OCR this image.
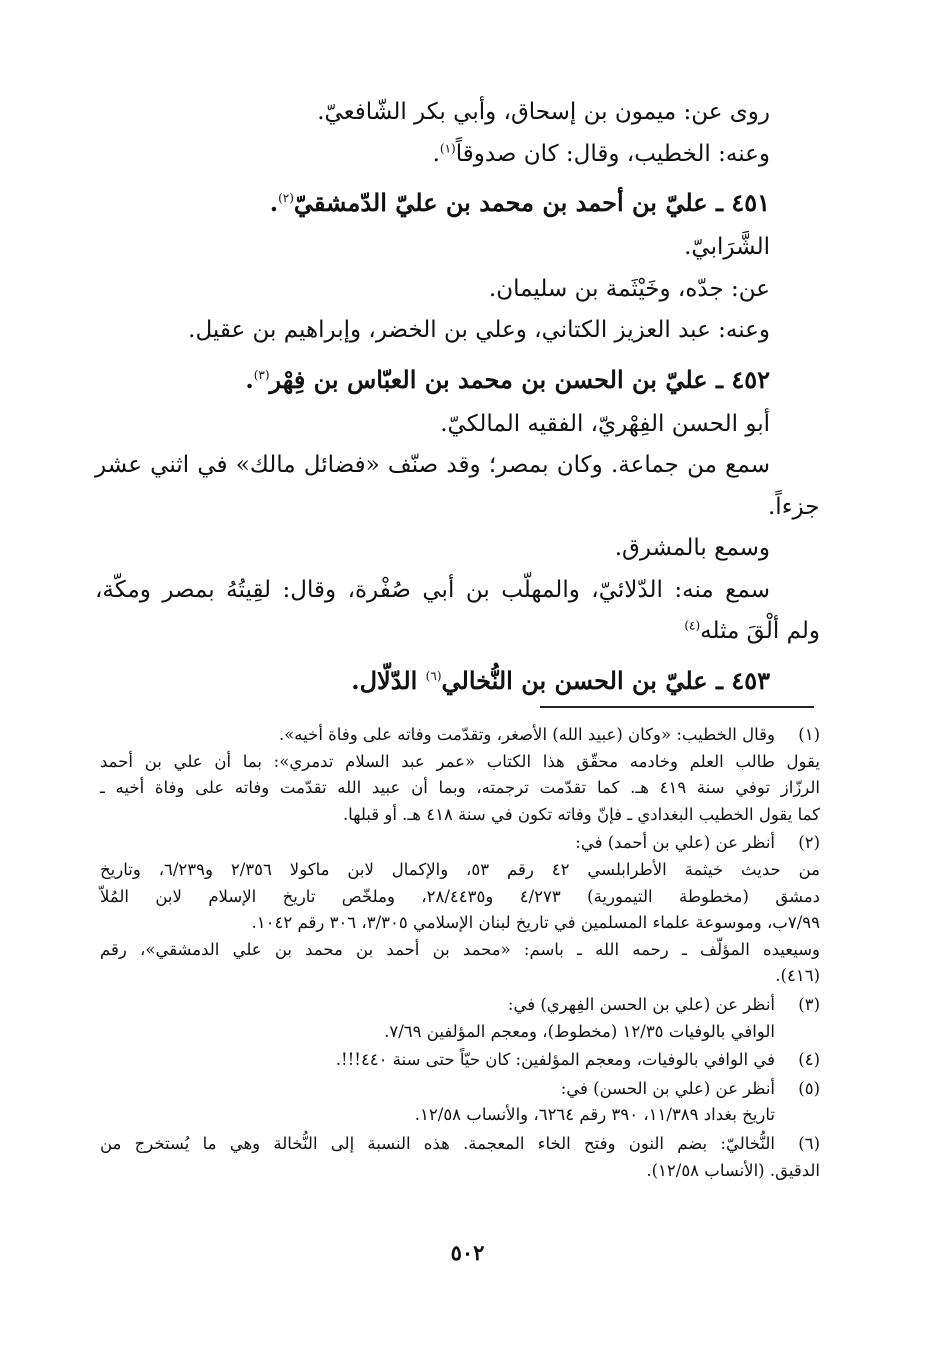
روى عن: ميمون بن إسحاق، وأبي بكر الشّافعيّ.
وعنه: الخطيب، وقال: كان صدوقاً$^{(١)}$.
٤٥١ ـ عليّ بن أحمد بن محمد بن عليّ الدّمشقيّ$^{(٢)}$.
الشَّرَابيّ.
عن: جدّه، وخَيْثَمة بن سليمان.
وعنه: عبد العزيز الكتاني، وعلي بن الخضر، وإبراهيم بن عقيل.
٤٥٢ ـ عليّ بن الحسن بن محمد بن العبّاس بن فِهْر$^{(٣)}$.
أبو الحسن الفِهْريّ، الفقيه المالكيّ.
سمع من جماعة. وكان بمصر؛ وقد صنّف «فضائل مالك» في اثني عشر
جزءاً.
وسمع بالمشرق.
سمع منه: الدّلائيّ، والمهلّب بن أبي صُفْرة، وقال: لقِيتُهُ بمصر ومكّة،
ولم ألْقَ مثله$^{(٤)}$
٤٥٣ ـ عليّ بن الحسن بن النُّخالي$^{(٦)}$ الدّلّال.
(١)
وقال الخطيب: «وكان (عبيد الله) الأصغر، وتقدّمت وفاته على وفاة أخيه».
يقول طالب العلم وخادمه محقّق هذا الكتاب «عمر عبد السلام تدمري»: بما أن علي بن أحمد
الرزّاز توفي سنة ٤١٩ هـ. كما تقدّمت ترجمته، وبما أن عبيد الله تقدّمت وفاته على وفاة أخيه ـ
كما يقول الخطيب البغدادي ـ فإنّ وفاته تكون في سنة ٤١٨ هـ. أو قبلها.
(٢)
أنظر عن (علي بن أحمد) في:
من حديث خيثمة الأطرابلسي ٤٢ رقم ٥٣، والإكمال لابن ماكولا ٢/٣٥٦ و٦/٢٣٩، وتاريخ
دمشق (مخطوطة التيمورية) ٤/٢٧٣ و٢٨/٤٤٣٥، وملخّص تاريخ الإسلام لابن المُلاّ
٧/٩٩ب، وموسوعة علماء المسلمين في تاريخ لبنان الإسلامي ٣/٣٠٥، ٣٠٦ رقم ١٠٤٢.
وسيعيده المؤلّف ـ رحمه الله ـ باسم: «محمد بن أحمد بن محمد بن علي الدمشقي»، رقم
(٤١٦).
(٣)
أنظر عن (علي بن الحسن الفِهري) في:
الوافي بالوفيات ١٢/٣٥ (مخطوط)، ومعجم المؤلفين ٧/٦٩.
(٤)
في الوافي بالوفيات، ومعجم المؤلفين: كان حيّاً حتى سنة ٤٤٠!!!.
(٥)
أنظر عن (علي بن الحسن) في:
تاريخ بغداد ١١/٣٨٩، ٣٩٠ رقم ٦٢٦٤، والأنساب ١٢/٥٨.
(٦)
النُّخاليّ: بضم النون وفتح الخاء المعجمة. هذه النسبة إلى النُّخالة وهي ما يُستخرج من
الدقيق. (الأنساب ١٢/٥٨).
٥٠٢
